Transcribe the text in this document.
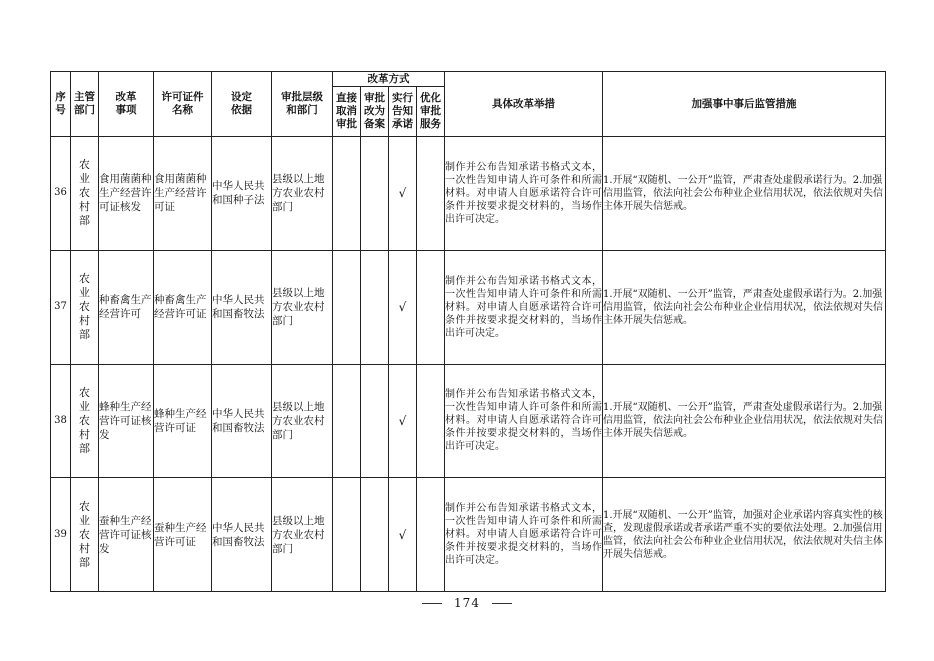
序号	主管部门	改革事项	许可证件名称	设定依据	审批层级和部门	改革方式				具体改革举措	加强事中事后监管措施

						直接取消审批	审批改为备案	实行告知承诺	优化审批服务		

36	农业农村部	食用菌菌种生产经营许可证核发	食用菌菌种生产经营许可证	中华人民共和国种子法	县级以上地方农业农村部门			√		制作并公布告知承诺书格式文本，一次性告知申请人许可条件和所需材料。对申请人自愿承诺符合许可条件并按要求提交材料的，当场作出许可决定。	1.开展“双随机、一公开”监管，严肃查处虚假承诺行为。2.加强信用监管，依法向社会公布种业企业信用状况，依法依规对失信主体开展失信惩戒。
37	农业农村部	种畜禽生产经营许可	种畜禽生产经营许可证	中华人民共和国畜牧法	县级以上地方农业农村部门			√		制作并公布告知承诺书格式文本，一次性告知申请人许可条件和所需材料。对申请人自愿承诺符合许可条件并按要求提交材料的，当场作出许可决定。	1.开展“双随机、一公开”监管，严肃查处虚假承诺行为。2.加强信用监管，依法向社会公布种业企业信用状况，依法依规对失信主体开展失信惩戒。
38	农业农村部	蜂种生产经营许可证核发	蜂种生产经营许可证	中华人民共和国畜牧法	县级以上地方农业农村部门			√		制作并公布告知承诺书格式文本，一次性告知申请人许可条件和所需材料。对申请人自愿承诺符合许可条件并按要求提交材料的，当场作出许可决定。	1.开展“双随机、一公开”监管，严肃查处虚假承诺行为。2.加强信用监管，依法向社会公布种业企业信用状况，依法依规对失信主体开展失信惩戒。
39	农业农村部	蚕种生产经营许可证核发	蚕种生产经营许可证	中华人民共和国畜牧法	县级以上地方农业农村部门			√		制作并公布告知承诺书格式文本，一次性告知申请人许可条件和所需材料。对申请人自愿承诺符合许可条件并按要求提交材料的，当场作出许可决定。	1.开展“双随机、一公开”监管，加强对企业承诺内容真实性的核查，发现虚假承诺或者承诺严重不实的要依法处理。2.加强信用监管，依法向社会公布种业企业信用状况，依法依规对失信主体开展失信惩戒。
174
